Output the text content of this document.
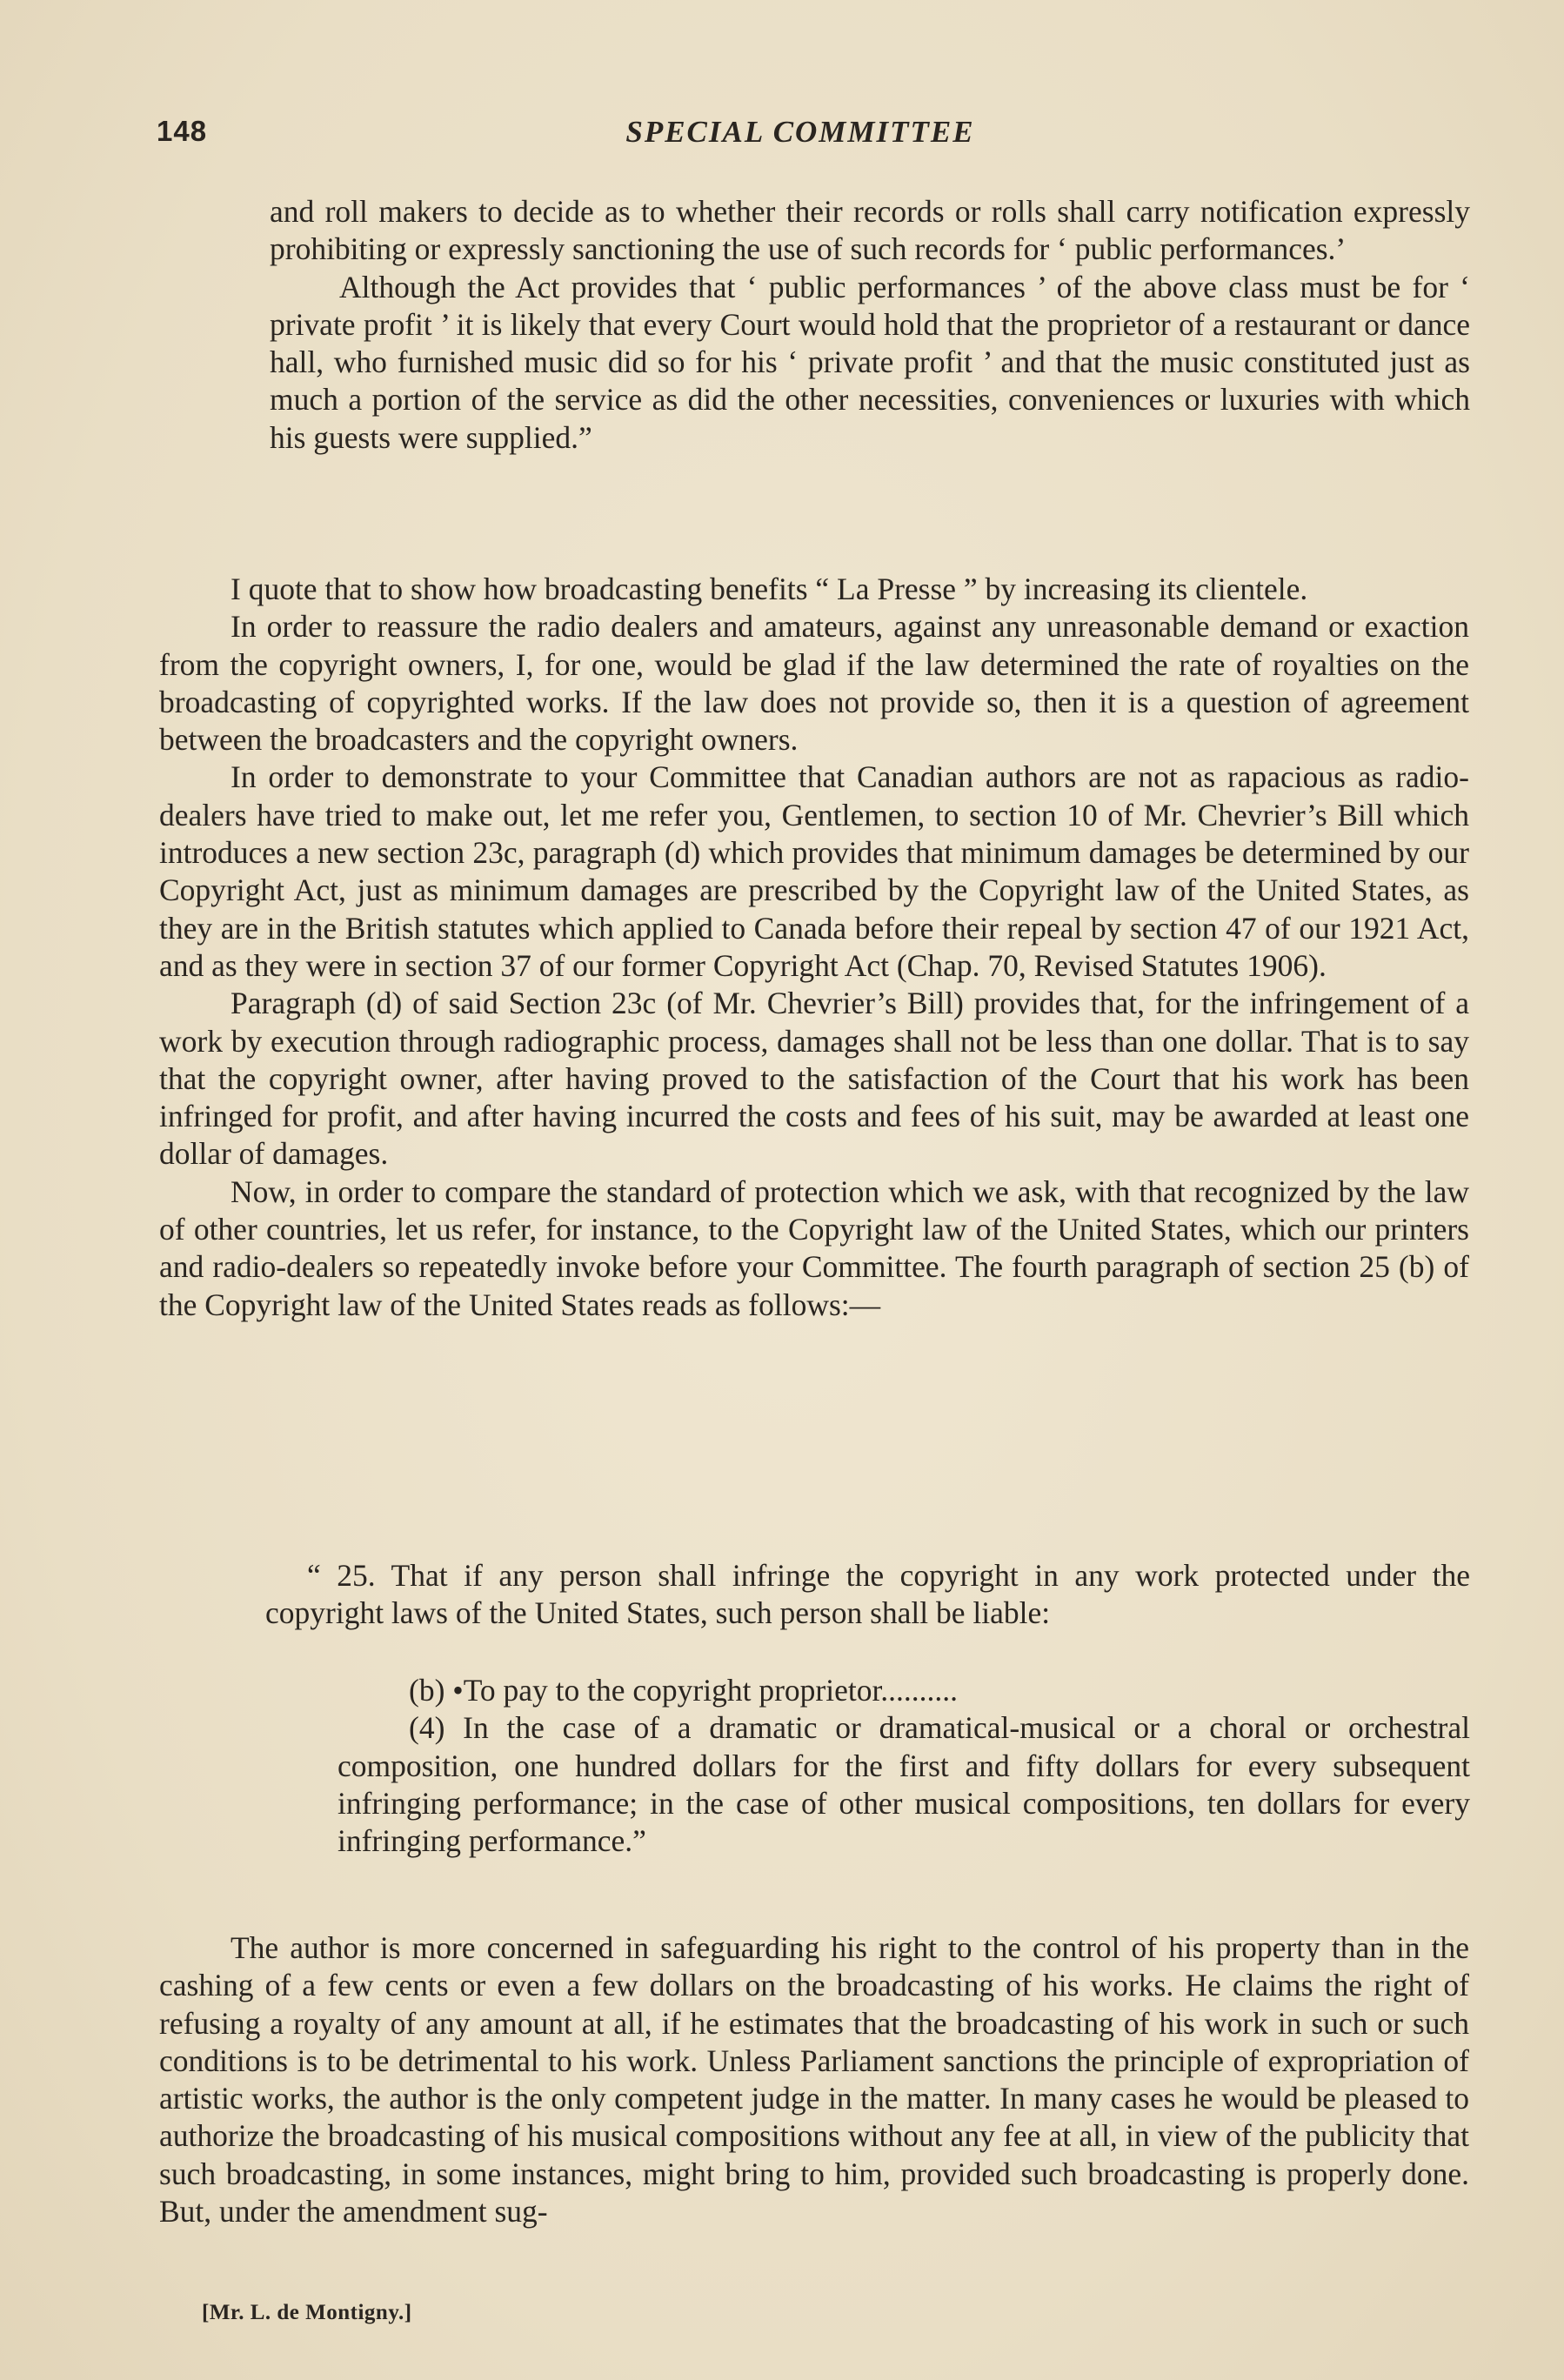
148	SPECIAL COMMITTEE

and roll makers to decide as to whether their records or rolls shall carry notification expressly prohibiting or expressly sanctioning the use of such records for ‘ public performances.’

Although the Act provides that ‘ public performances ’ of the above class must be for ‘ private profit ’ it is likely that every Court would hold that the proprietor of a restaurant or dance hall, who furnished music did so for his ‘ private profit ’ and that the music constituted just as much a portion of the service as did the other necessities, conveniences or luxuries with which his guests were supplied.”

I quote that to show how broadcasting benefits “ La Presse ” by increasing its clientele.

In order to reassure the radio dealers and amateurs, against any unreasonable demand or exaction from the copyright owners, I, for one, would be glad if the law determined the rate of royalties on the broadcasting of copyrighted works. If the law does not provide so, then it is a question of agreement between the broadcasters and the copyright owners.

In order to demonstrate to your Committee that Canadian authors are not as rapacious as radio-dealers have tried to make out, let me refer you, Gentlemen, to section 10 of Mr. Chevrier’s Bill which introduces a new section 23c, paragraph (d) which provides that minimum damages be determined by our Copyright Act, just as minimum damages are prescribed by the Copyright law of the United States, as they are in the British statutes which applied to Canada before their repeal by section 47 of our 1921 Act, and as they were in section 37 of our former Copyright Act (Chap. 70, Revised Statutes 1906).

Paragraph (d) of said Section 23c (of Mr. Chevrier’s Bill) provides that, for the infringement of a work by execution through radiographic process, damages shall not be less than one dollar. That is to say that the copyright owner, after having proved to the satisfaction of the Court that his work has been infringed for profit, and after having incurred the costs and fees of his suit, may be awarded at least one dollar of damages.

Now, in order to compare the standard of protection which we ask, with that recognized by the law of other countries, let us refer, for instance, to the Copyright law of the United States, which our printers and radio-dealers so repeatedly invoke before your Committee. The fourth paragraph of section 25 (b) of the Copyright law of the United States reads as follows:—

“ 25. That if any person shall infringe the copyright in any work protected under the copyright laws of the United States, such person shall be liable:

(b) •To pay to the copyright proprietor..........

(4) In the case of a dramatic or dramatical-musical or a choral or orchestral composition, one hundred dollars for the first and fifty dollars for every subsequent infringing performance; in the case of other musical compositions, ten dollars for every infringing performance.”

The author is more concerned in safeguarding his right to the control of his property than in the cashing of a few cents or even a few dollars on the broadcasting of his works. He claims the right of refusing a royalty of any amount at all, if he estimates that the broadcasting of his work in such or such conditions is to be detrimental to his work. Unless Parliament sanctions the principle of expropriation of artistic works, the author is the only competent judge in the matter. In many cases he would be pleased to authorize the broadcasting of his musical compositions without any fee at all, in view of the publicity that such broadcasting, in some instances, might bring to him, provided such broadcasting is properly done. But, under the amendment sug-

[Mr. L. de Montigny.]
